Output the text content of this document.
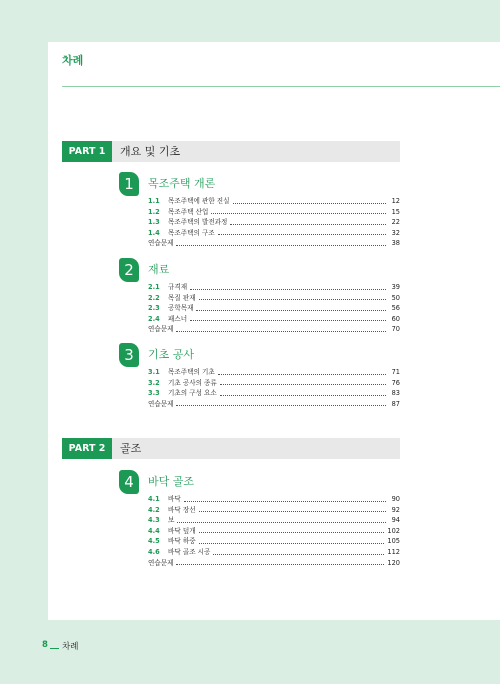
차례
PART 1	개요 및 기초
1	목조주택 개론
1.1	목조주택에 관한 진실	12
1.2	목조주택 산업	15
1.3	목조주택의 발전과정	22
1.4	목조주택의 구조	32
연습문제	38
2	재료
2.1	규격재	39
2.2	목질 판재	50
2.3	공학목재	56
2.4	패스너	60
연습문제	70
3	기초 공사
3.1	목조주택의 기초	71
3.2	기초 공사의 종류	76
3.3	기초의 구성 요소	83
연습문제	87
PART 2	골조
4	바닥 골조
4.1	바닥	90
4.2	바닥 장선	92
4.3	보	94
4.4	바닥 덮개	102
4.5	바닥 하중	105
4.6	바닥 골조 시공	112
연습문제	120
8 차례
